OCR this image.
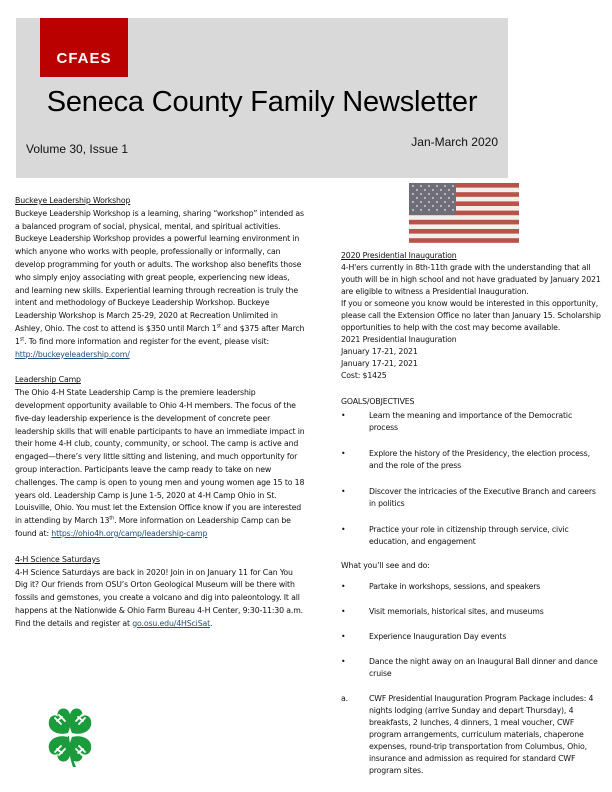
CFAES
Seneca County Family Newsletter
Volume 30, Issue 1	Jan-March 2020
Buckeye Leadership Workshop
Buckeye Leadership Workshop is a learning, sharing “workshop” intended as a balanced program of social, physical, mental, and spiritual activities. Buckeye Leadership Workshop provides a powerful learning environment in which anyone who works with people, professionally or informally, can develop programming for youth or adults. The workshop also benefits those who simply enjoy associating with great people, experiencing new ideas, and learning new skills. Experiential learning through recreation is truly the intent and methodology of Buckeye Leadership Workshop. Buckeye Leadership Workshop is March 25-29, 2020 at Recreation Unlimited in Ashley, Ohio. The cost to attend is $350 until March 1st and $375 after March 1st. To find more information and register for the event, please visit: http://buckeyeleadership.com/
Leadership Camp
The Ohio 4-H State Leadership Camp is the premiere leadership development opportunity available to Ohio 4-H members. The focus of the five-day leadership experience is the development of concrete peer leadership skills that will enable participants to have an immediate impact in their home 4-H club, county, community, or school. The camp is active and engaged—there’s very little sitting and listening, and much opportunity for group interaction. Participants leave the camp ready to take on new challenges. The camp is open to young men and young women age 15 to 18 years old. Leadership Camp is June 1-5, 2020 at 4-H Camp Ohio in St. Louisville, Ohio. You must let the Extension Office know if you are interested in attending by March 13th. More information on Leadership Camp can be found at: https://ohio4h.org/camp/leadership-camp
4-H Science Saturdays
4-H Science Saturdays are back in 2020! Join in on January 11 for Can You Dig it? Our friends from OSU’s Orton Geological Museum will be there with fossils and gemstones, you create a volcano and dig into paleontology. It all happens at the Nationwide & Ohio Farm Bureau 4-H Center, 9:30-11:30 a.m. Find the details and register at go.osu.edu/4HSciSat.

2020 Presidential Inauguration

4-H'ers currently in 8th-11th grade with the understanding that all youth will be in high school and not have graduated by January 2021 are eligible to witness a Presidential Inauguration.

If you or someone you know would be interested in this opportunity, please call the Extension Office no later than January 15. Scholarship opportunities to help with the cost may become available.

2021 Presidential Inauguration

January 17-21, 2021

January 17-21, 2021

Cost: $1425

GOALS/OBJECTIVES

•	Learn the meaning and importance of the Democratic process
•	Explore the history of the Presidency, the election process, and the role of the press
•	Discover the intricacies of the Executive Branch and careers in politics
•	Practice your role in citizenship through service, civic education, and engagement

What you’ll see and do:

•	Partake in workshops, sessions, and speakers
•	Visit memorials, historical sites, and museums
•	Experience Inauguration Day events
•	Dance the night away on an Inaugural Ball dinner and dance cruise
a.	CWF Presidential Inauguration Program Package includes: 4 nights lodging (arrive Sunday and depart Thursday), 4 breakfasts, 2 lunches, 4 dinners, 1 meal voucher, CWF program arrangements, curriculum materials, chaperone expenses, round-trip transportation from Columbus, Ohio, insurance and admission as required for standard CWF program sites.
